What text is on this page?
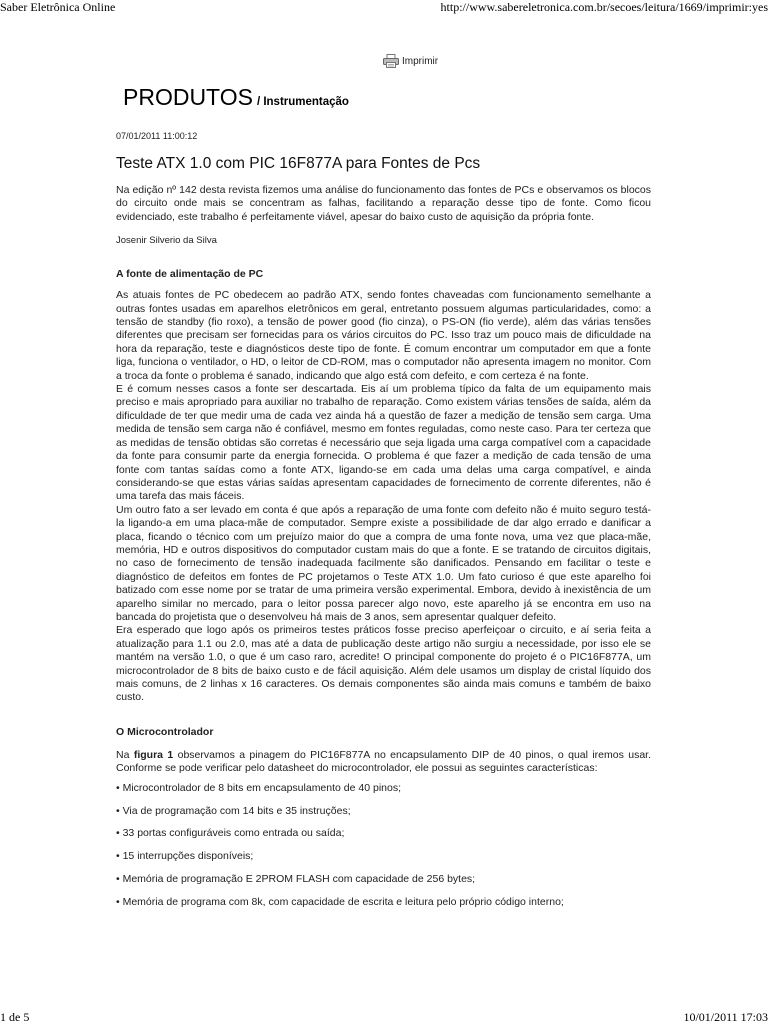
Saber Eletrônica Online	http://www.sabereletronica.com.br/secoes/leitura/1669/imprimir:yes
Imprimir
PRODUTOS / Instrumentação
07/01/2011 11:00:12
Teste ATX 1.0 com PIC 16F877A para Fontes de Pcs

Na edição nº 142 desta revista fizemos uma análise do funcionamento das fontes de PCs e observamos os blocos do circuito onde mais se concentram as falhas, facilitando a reparação desse tipo de fonte. Como ficou evidenciado, este trabalho é perfeitamente viável, apesar do baixo custo de aquisição da própria fonte.

Josenir Silverio da Silva

A fonte de alimentação de PC

As atuais fontes de PC obedecem ao padrão ATX, sendo fontes chaveadas com funcionamento semelhante a outras fontes usadas em aparelhos eletrônicos em geral, entretanto possuem algumas particularidades, como: a tensão de standby (fio roxo), a tensão de power good (fio cinza), o PS-ON (fio verde), além das várias tensões diferentes que precisam ser fornecidas para os vários circuitos do PC. Isso traz um pouco mais de dificuldade na hora da reparação, teste e diagnósticos deste tipo de fonte. É comum encontrar um computador em que a fonte liga, funciona o ventilador, o HD, o leitor de CD-ROM, mas o computador não apresenta imagem no monitor. Com a troca da fonte o problema é sanado, indicando que algo está com defeito, e com certeza é na fonte.

E é comum nesses casos a fonte ser descartada. Eis aí um problema típico da falta de um equipamento mais preciso e mais apropriado para auxiliar no trabalho de reparação. Como existem várias tensões de saída, além da dificuldade de ter que medir uma de cada vez ainda há a questão de fazer a medição de tensão sem carga. Uma medida de tensão sem carga não é confiável, mesmo em fontes reguladas, como neste caso. Para ter certeza que as medidas de tensão obtidas são corretas é necessário que seja ligada uma carga compatível com a capacidade da fonte para consumir parte da energia fornecida. O problema é que fazer a medição de cada tensão de uma fonte com tantas saídas como a fonte ATX, ligando-se em cada uma delas uma carga compatível, e ainda considerando-se que estas várias saídas apresentam capacidades de fornecimento de corrente diferentes, não é uma tarefa das mais fáceis.

Um outro fato a ser levado em conta é que após a reparação de uma fonte com defeito não é muito seguro testá-la ligando-a em uma placa-mãe de computador. Sempre existe a possibilidade de dar algo errado e danificar a placa, ficando o técnico com um prejuízo maior do que a compra de uma fonte nova, uma vez que placa-mãe, memória, HD e outros dispositivos do computador custam mais do que a fonte. E se tratando de circuitos digitais, no caso de fornecimento de tensão inadequada facilmente são danificados. Pensando em facilitar o teste e diagnóstico de defeitos em fontes de PC projetamos o Teste ATX 1.0. Um fato curioso é que este aparelho foi batizado com esse nome por se tratar de uma primeira versão experimental. Embora, devido à inexistência de um aparelho similar no mercado, para o leitor possa parecer algo novo, este aparelho já se encontra em uso na bancada do projetista que o desenvolveu há mais de 3 anos, sem apresentar qualquer defeito.

Era esperado que logo após os primeiros testes práticos fosse preciso aperfeiçoar o circuito, e aí seria feita a atualização para 1.1 ou 2.0, mas até a data de publicação deste artigo não surgiu a necessidade, por isso ele se mantém na versão 1.0, o que é um caso raro, acredite! O principal componente do projeto é o PIC16F877A, um microcontrolador de 8 bits de baixo custo e de fácil aquisição. Além dele usamos um display de cristal líquido dos mais comuns, de 2 linhas x 16 caracteres. Os demais componentes são ainda mais comuns e também de baixo custo.

O Microcontrolador

Na figura 1 observamos a pinagem do PIC16F877A no encapsulamento DIP de 40 pinos, o qual iremos usar. Conforme se pode verificar pelo datasheet do microcontrolador, ele possui as seguintes características:

• Microcontrolador de 8 bits em encapsulamento de 40 pinos;
• Via de programação com 14 bits e 35 instruções;
• 33 portas configuráveis como entrada ou saída;
• 15 interrupções disponíveis;
• Memória de programação E 2PROM FLASH com capacidade de 256 bytes;
• Memória de programa com 8k, com capacidade de escrita e leitura pelo próprio código interno;
1 de 5	10/01/2011 17:03
